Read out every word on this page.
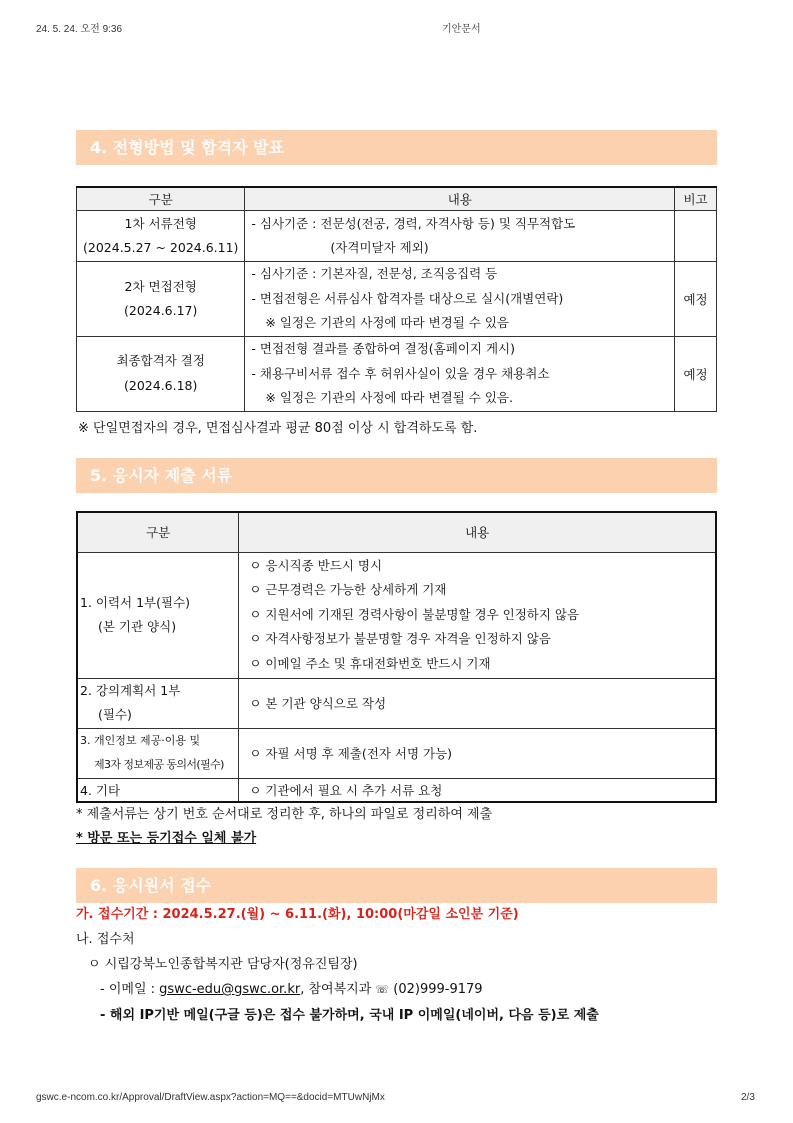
24. 5. 24. 오전 9:36	기안문서
4. 전형방법 및 합격자 발표
구분	내용	비고

1차 서류전형
(2024.5.27 ~ 2024.6.11)	- 심사기준 : 전문성(전공, 경력, 자격사항 등) 및 직무적합도
(자격미달자 제외)	

2차 면접전형
(2024.6.17)	- 심사기준 : 기본자질, 전문성, 조직응집력 등
- 면접전형은 서류심사 합격자를 대상으로 실시(개별연락)
※ 일정은 기관의 사정에 따라 변경될 수 있음	예정

최종합격자 결정
(2024.6.18)	- 면접전형 결과를 종합하여 결정(홈페이지 게시)
- 채용구비서류 접수 후 허위사실이 있을 경우 채용취소
※ 일정은 기관의 사정에 따라 변결될 수 있음.	예정
※ 단일면접자의 경우, 면접심사결과 평균 80점 이상 시 합격하도록 함.
5. 응시자 제출 서류
구분	내용

1. 이력서 1부(필수)
(본 기관 양식)	ㅇ 응시직종 반드시 명시
ㅇ 근무경력은 가능한 상세하게 기재
ㅇ 지원서에 기재된 경력사항이 불분명할 경우 인정하지 않음
ㅇ 자격사항정보가 불분명할 경우 자격을 인정하지 않음
ㅇ 이메일 주소 및 휴대전화번호 반드시 기재

2. 강의계획서 1부
(필수)	ㅇ 본 기관 양식으로 작성

3. 개인정보 제공·이용 및
제3자 정보제공 동의서(필수)	ㅇ 자필 서명 후 제출(전자 서명 가능)
4. 기타	ㅇ 기관에서 필요 시 추가 서류 요청
* 제출서류는 상기 번호 순서대로 정리한 후, 하나의 파일로 정리하여 제출
* 방문 또는 등기접수 일체 불가
6. 응시원서 접수
가. 접수기간 : 2024.5.27.(월) ~ 6.11.(화), 10:00(마감일 소인분 기준)
나. 접수처
ㅇ 시립강북노인종합복지관 담당자(정유진팀장)
- 이메일 : gswc-edu@gswc.or.kr, 참여복지과 ☏ (02)999-9179
- 해외 IP기반 메일(구글 등)은 접수 불가하며, 국내 IP 이메일(네이버, 다음 등)로 제출
gswc.e-ncom.co.kr/Approval/DraftView.aspx?action=MQ==&docid=MTUwNjMx	2/3
